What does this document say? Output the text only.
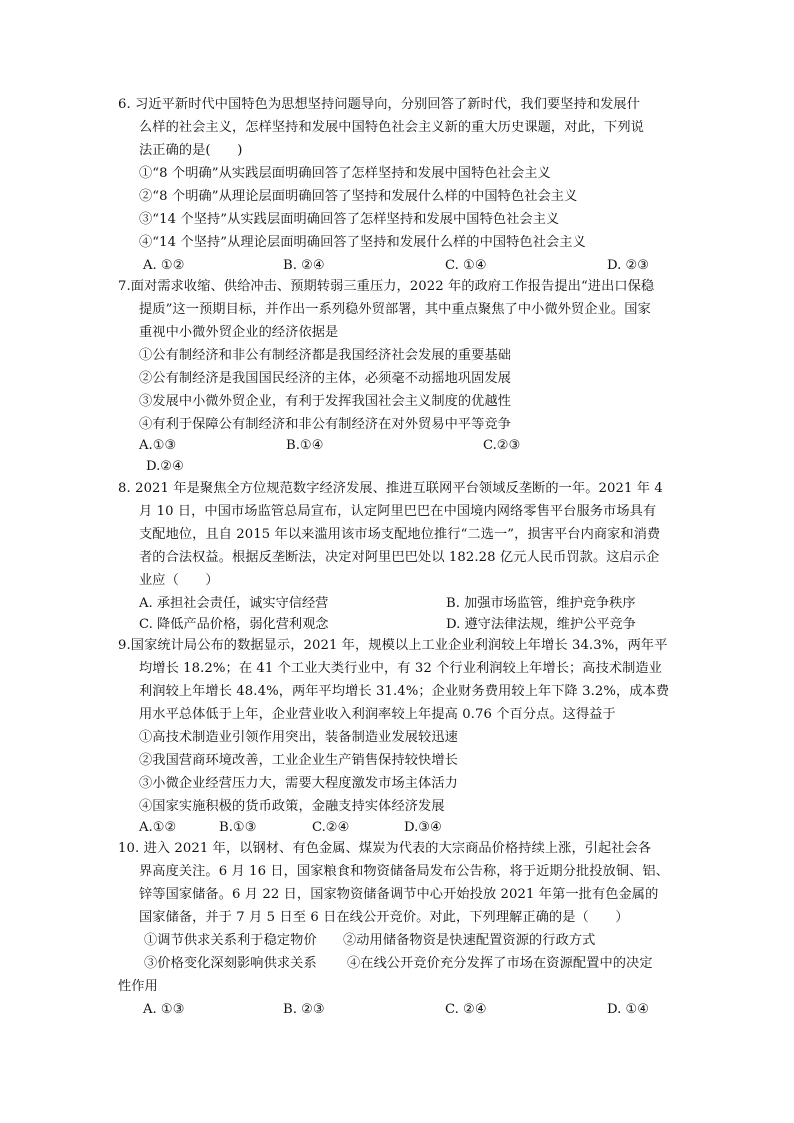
6. 习近平新时代中国特色为思想坚持问题导向，分别回答了新时代，我们要坚持和发展什
么样的社会主义，怎样坚持和发展中国特色社会主义新的重大历史课题，对此，下列说
法正确的是(　　)
①“8 个明确”从实践层面明确回答了怎样坚持和发展中国特色社会主义
②“8 个明确”从理论层面明确回答了坚持和发展什么样的中国特色社会主义
③“14 个坚持”从实践层面明确回答了怎样坚持和发展中国特色社会主义
④“14 个坚持”从理论层面明确回答了坚持和发展什么样的中国特色社会主义
A. ①②	B. ②④	C. ①④	D. ②③
7.面对需求收缩、供给冲击、预期转弱三重压力，2022 年的政府工作报告提出“进出口保稳
提质”这一预期目标，并作出一系列稳外贸部署，其中重点聚焦了中小微外贸企业。国家
重视中小微外贸企业的经济依据是
①公有制经济和非公有制经济都是我国经济社会发展的重要基础
②公有制经济是我国国民经济的主体，必须毫不动摇地巩固发展
③发展中小微外贸企业，有利于发挥我国社会主义制度的优越性
④有利于保障公有制经济和非公有制经济在对外贸易中平等竞争
A.①③	B.①④	C.②③
D.②④
8. 2021 年是聚焦全方位规范数字经济发展、推进互联网平台领域反垄断的一年。2021 年 4
月 10 日，中国市场监管总局宣布，认定阿里巴巴在中国境内网络零售平台服务市场具有
支配地位，且自 2015 年以来滥用该市场支配地位推行“二选一”，损害平台内商家和消费
者的合法权益。根据反垄断法，决定对阿里巴巴处以 182.28 亿元人民币罚款。这启示企
业应（　　）
A. 承担社会责任，诚实守信经营	B. 加强市场监管，维护竞争秩序
C. 降低产品价格，弱化营利观念	D. 遵守法律法规，维护公平竞争
9.国家统计局公布的数据显示，2021 年，规模以上工业企业利润较上年增长 34.3%，两年平
均增长 18.2%；在 41 个工业大类行业中，有 32 个行业利润较上年增长；高技术制造业
利润较上年增长 48.4%，两年平均增长 31.4%；企业财务费用较上年下降 3.2%，成本费
用水平总体低于上年，企业营业收入利润率较上年提高 0.76 个百分点。这得益于
①高技术制造业引领作用突出，装备制造业发展较迅速
②我国营商环境改善，工业企业生产销售保持较快增长
③小微企业经营压力大，需要大程度激发市场主体活力
④国家实施积极的货币政策，金融支持实体经济发展
A.①②	B.①③	C.②④	D.③④
10. 进入 2021 年，以钢材、有色金属、煤炭为代表的大宗商品价格持续上涨，引起社会各
界高度关注。6 月 16 日，国家粮食和物资储备局发布公告称，将于近期分批投放铜、铝、
锌等国家储备。6 月 22 日，国家物资储备调节中心开始投放 2021 年第一批有色金属的
国家储备，并于 7 月 5 日至 6 日在线公开竞价。对此，下列理解正确的是（　　）
①调节供求关系利于稳定物价 ②动用储备物资是快速配置资源的行政方式
③价格变化深刻影响供求关系 ④在线公开竞价充分发挥了市场在资源配置中的决定
性作用
A. ①③	B. ②③	C. ②④	D. ①④
